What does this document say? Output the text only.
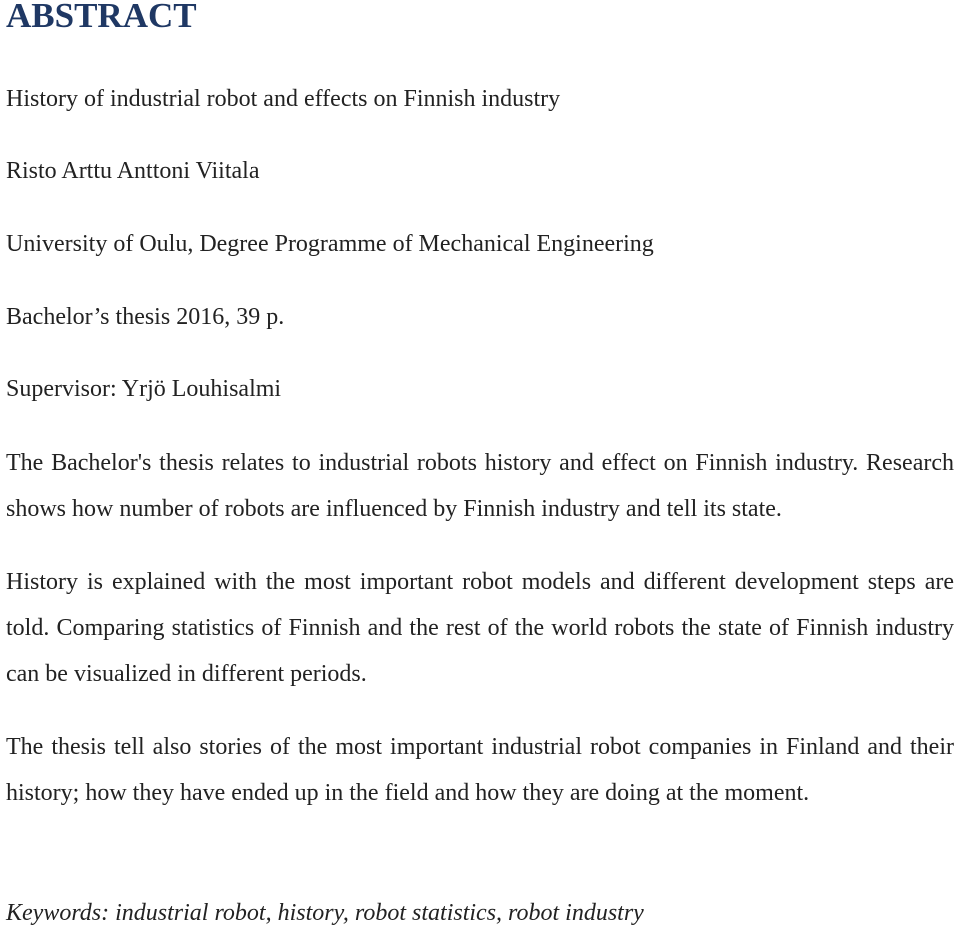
ABSTRACT

History of industrial robot and effects on Finnish industry

Risto Arttu Anttoni Viitala

University of Oulu, Degree Programme of Mechanical Engineering

Bachelor’s thesis 2016, 39 p.

Supervisor: Yrjö Louhisalmi

The Bachelor's thesis relates to industrial robots history and effect on Finnish industry. Research shows how number of robots are influenced by Finnish industry and tell its state.

History is explained with the most important robot models and different development steps are told. Comparing statistics of Finnish and the rest of the world robots the state of Finnish industry can be visualized in different periods.

The thesis tell also stories of the most important industrial robot companies in Finland and their history; how they have ended up in the field and how they are doing at the moment.

Keywords: industrial robot, history, robot statistics, robot industry
